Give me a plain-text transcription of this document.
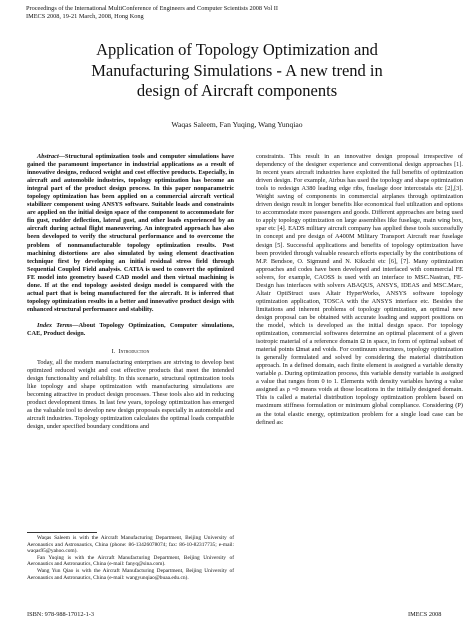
Proceedings of the International MultiConference of Engineers and Computer Scientists 2008 Vol II
IMECS 2008, 19-21 March, 2008, Hong Kong
Application of Topology Optimization and
Manufacturing Simulations - A new trend in
design of Aircraft components
Waqas Saleem, Fan Yuqing, Wang Yunqiao

Abstract—Structural optimization tools and computer simulations have gained the paramount importance in industrial applications as a result of innovative designs, reduced weight and cost effective products. Especially, in aircraft and automobile industries, topology optimization has become an integral part of the product design process. In this paper nonparametric topology optimization has been applied on a commercial aircraft vertical stabilizer component using ANSYS software. Suitable loads and constraints are applied on the initial design space of the component to accommodate for fin gust, rudder deflection, lateral gust, and other loads experienced by an aircraft during actual flight maneuvering. An integrated approach has also been developed to verify the structural performance and to overcome the problem of nonmanufacturable topology optimization results. Post machining distortions are also simulated by using element deactivation technique first by developing an initial residual stress field through Sequential Coupled Field analysis. CATIA is used to convert the optimized FE model into geometry based CAD model and then virtual machining is done. If at the end topology assisted design model is compared with the actual part that is being manufactured for the aircraft. It is inferred that topology optimization results in a better and innovative product design with enhanced structural performance and stability.

Index Terms—About Topology Optimization, Computer simulations, CAE, Product design.

I. Introduction

Today, all the modern manufacturing enterprises are striving to develop best optimized reduced weight and cost effective products that meet the intended design functionality and reliability. In this scenario, structural optimization tools like topology and shape optimization with manufacturing simulations are becoming attractive in product design processes. These tools also aid in reducing product development times. In last few years, topology optimization has emerged as the valuable tool to develop new design proposals especially in automobile and aircraft industries. Topology optimization calculates the optimal loads compatible design, under specified boundary conditions and

Waqas Saleem is with the Aircraft Manufacturing Department, Beijing University of Aeronautics and Astronautics, China (phone: 86-13426078074; fax: 86-10-82317735; e-mail: waqas95@yahoo.com).

Fan Yuqing is with the Aircraft Manufacturing Department, Beijing University of Aeronautics and Astronautics, China (e-mail: fanyq@sina.com).

Wang Yun Qiao is with the Aircraft Manufacturing Department, Beijing University of Aeronautics and Astronautics, China (e-mail: wangyunqiao@buaa.edu.cn).

constraints. This result in an innovative design proposal irrespective of dependency of the designer experience and conventional design approaches [1]. In recent years aircraft industries have exploited the full benefits of optimization driven design. For example, Airbus has used the topology and shape optimization tools to redesign A380 leading edge ribs, fuselage door intercostals etc [2],[3]. Weight saving of components in commercial airplanes through optimization driven design result in longer benefits like economical fuel utilization and options to accommodate more passengers and goods. Different approaches are being used to apply topology optimization on large assemblies like fuselage, main wing box, spar etc [4]. EADS military aircraft company has applied these tools successfully in concept and pre design of A400M Military Transport Aircraft rear fuselage design [5]. Successful applications and benefits of topology optimization have been provided through valuable research efforts especially by the contributions of M.P. Bendsoe, O. Sigmund and N. Kikuchi etc [6], [7]. Many optimization approaches and codes have been developed and interfaced with commercial FE solvers, for example, CAOSS is used with an interface to MSC.Nastran, FE-Design has interfaces with solvers ABAQUS, ANSYS, IDEAS and MSC.Marc, Altair OptiStruct uses Altair HyperWorks, ANSYS software topology optimization application, TOSCA with the ANSYS interface etc. Besides the limitations and inherent problems of topology optimization, an optimal new design proposal can be obtained with accurate loading and support positions on the model, which is developed as the initial design space. For topology optimization, commercial softwares determine an optimal placement of a given isotropic material of a reference domain Ω in space, in form of optimal subset of material points Ωmat and voids. For continuum structures, topology optimization is generally formulated and solved by considering the material distribution approach. In a defined domain, each finite element is assigned a variable density variable ρ. During optimization process, this variable density variable is assigned a value that ranges from 0 to 1. Elements with density variables having a value assigned as ρ =0 means voids at those locations in the initially designed domain. This is called a material distribution topology optimization problem based on maximum stiffness formulation or minimum global compliance. Considering (P) as the total elastic energy, optimization problem for a single load case can be defined as:

ISBN: 978-988-17012-1-3	IMECS 2008
